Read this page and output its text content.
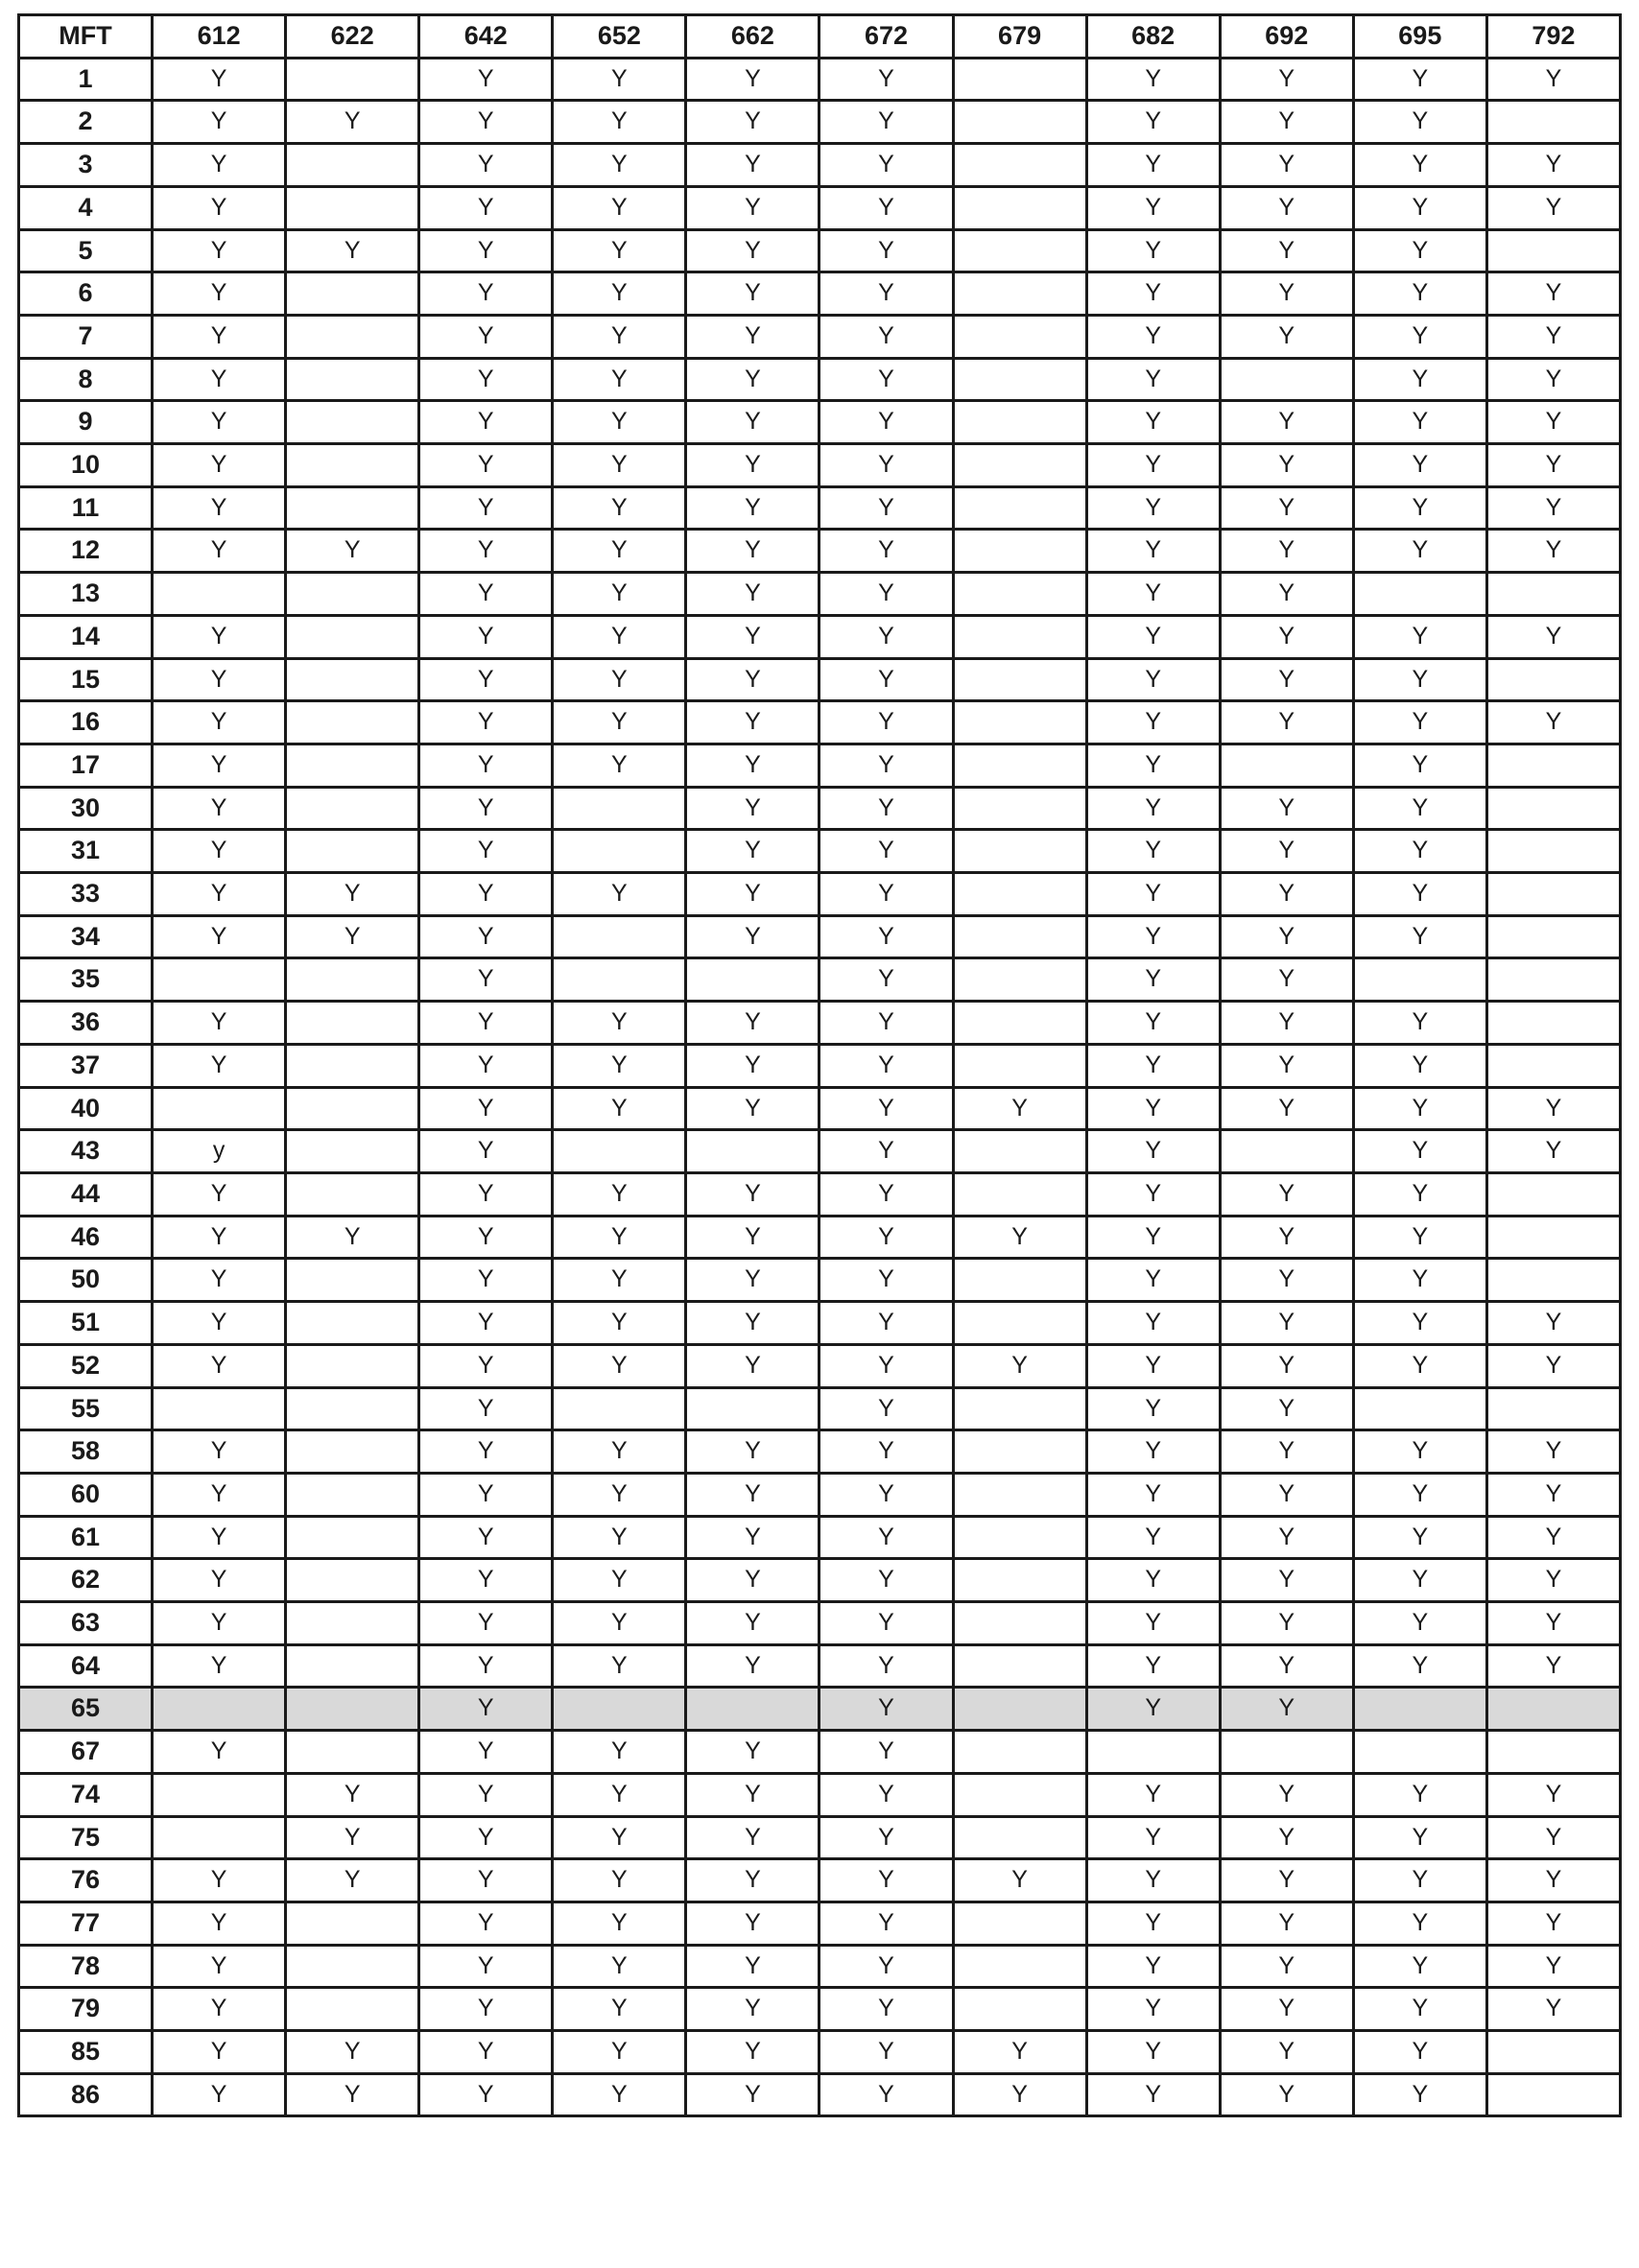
MFT	612	622	642	652	662	672	679	682	692	695	792
1	Y		Y	Y	Y	Y		Y	Y	Y	Y
2	Y	Y	Y	Y	Y	Y		Y	Y	Y	
3	Y		Y	Y	Y	Y		Y	Y	Y	Y
4	Y		Y	Y	Y	Y		Y	Y	Y	Y
5	Y	Y	Y	Y	Y	Y		Y	Y	Y	
6	Y		Y	Y	Y	Y		Y	Y	Y	Y
7	Y		Y	Y	Y	Y		Y	Y	Y	Y
8	Y		Y	Y	Y	Y		Y		Y	Y
9	Y		Y	Y	Y	Y		Y	Y	Y	Y
10	Y		Y	Y	Y	Y		Y	Y	Y	Y
11	Y		Y	Y	Y	Y		Y	Y	Y	Y
12	Y	Y	Y	Y	Y	Y		Y	Y	Y	Y
13			Y	Y	Y	Y		Y	Y		
14	Y		Y	Y	Y	Y		Y	Y	Y	Y
15	Y		Y	Y	Y	Y		Y	Y	Y	
16	Y		Y	Y	Y	Y		Y	Y	Y	Y
17	Y		Y	Y	Y	Y		Y		Y	
30	Y		Y		Y	Y		Y	Y	Y	
31	Y		Y		Y	Y		Y	Y	Y	
33	Y	Y	Y	Y	Y	Y		Y	Y	Y	
34	Y	Y	Y		Y	Y		Y	Y	Y	
35			Y			Y		Y	Y		
36	Y		Y	Y	Y	Y		Y	Y	Y	
37	Y		Y	Y	Y	Y		Y	Y	Y	
40			Y	Y	Y	Y	Y	Y	Y	Y	Y
43	y		Y			Y		Y		Y	Y
44	Y		Y	Y	Y	Y		Y	Y	Y	
46	Y	Y	Y	Y	Y	Y	Y	Y	Y	Y	
50	Y		Y	Y	Y	Y		Y	Y	Y	
51	Y		Y	Y	Y	Y		Y	Y	Y	Y
52	Y		Y	Y	Y	Y	Y	Y	Y	Y	Y
55			Y			Y		Y	Y		
58	Y		Y	Y	Y	Y		Y	Y	Y	Y
60	Y		Y	Y	Y	Y		Y	Y	Y	Y
61	Y		Y	Y	Y	Y		Y	Y	Y	Y
62	Y		Y	Y	Y	Y		Y	Y	Y	Y
63	Y		Y	Y	Y	Y		Y	Y	Y	Y
64	Y		Y	Y	Y	Y		Y	Y	Y	Y
65			Y			Y		Y	Y		
67	Y		Y	Y	Y	Y					
74		Y	Y	Y	Y	Y		Y	Y	Y	Y
75		Y	Y	Y	Y	Y		Y	Y	Y	Y
76	Y	Y	Y	Y	Y	Y	Y	Y	Y	Y	Y
77	Y		Y	Y	Y	Y		Y	Y	Y	Y
78	Y		Y	Y	Y	Y		Y	Y	Y	Y
79	Y		Y	Y	Y	Y		Y	Y	Y	Y
85	Y	Y	Y	Y	Y	Y	Y	Y	Y	Y	
86	Y	Y	Y	Y	Y	Y	Y	Y	Y	Y	
